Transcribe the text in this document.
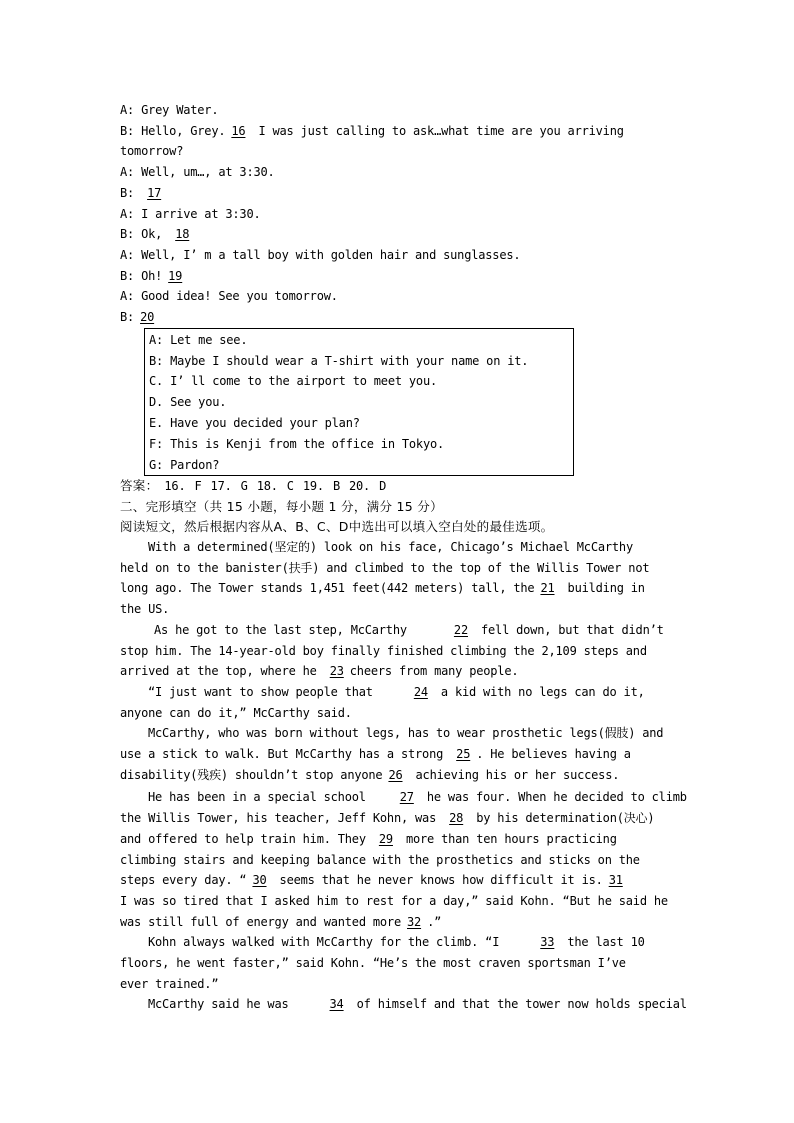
A: Grey Water.
B: Hello, Grey. 16 I was just calling to ask…what time are you arriving
tomorrow?
A: Well, um…, at 3:30.
B: 17
A: I arrive at 3:30.
B: Ok, 18
A: Well, I’ m a tall boy with golden hair and sunglasses.
B: Oh! 19
A: Good idea! See you tomorrow.
B: 20
A: Let me see.
B: Maybe I should wear a T-shirt with your name on it.
C. I’ ll come to the airport to meet you.
D. See you.
E. Have you decided your plan?
F: This is Kenji from the office in Tokyo.
G: Pardon?
答案： 16. F 17. G 18. C 19. B 20. D
二、完形填空（共 15 小题，每小题 1 分，满分 15 分）
阅读短文，然后根据内容从A、B、C、D中选出可以填入空白处的最佳选项。
With a determined(坚定的) look on his face, Chicago’s Michael McCarthy
held on to the banister(扶手) and climbed to the top of the Willis Tower not
long ago. The Tower stands 1,451 feet(442 meters) tall, the 21 building in
the US.
As he got to the last step, McCarthy	22 fell down, but that didn’t
stop him. The 14-year-old boy finally finished climbing the 2,109 steps and
arrived at the top, where he 23 cheers from many people.
“I just want to show people that	24 a kid with no legs can do it,
anyone can do it,” McCarthy said.
McCarthy, who was born without legs, has to wear prosthetic legs(假肢) and
use a stick to walk. But McCarthy has a strong 25 . He believes having a
disability(残疾) shouldn’t stop anyone 26 achieving his or her success.
He has been in a special school	27 he was four. When he decided to climb
the Willis Tower, his teacher, Jeff Kohn, was 28 by his determination(决心)
and offered to help train him. They 29 more than ten hours practicing
climbing stairs and keeping balance with the prosthetics and sticks on the
steps every day. “ 30 seems that he never knows how difficult it is. 31
I was so tired that I asked him to rest for a day,” said Kohn. “But he said he
was still full of energy and wanted more 32 .”
Kohn always walked with McCarthy for the climb. “I	33 the last 10
floors, he went faster,” said Kohn. “He’s the most craven sportsman I’ve
ever trained.”
McCarthy said he was	34 of himself and that the tower now holds special
